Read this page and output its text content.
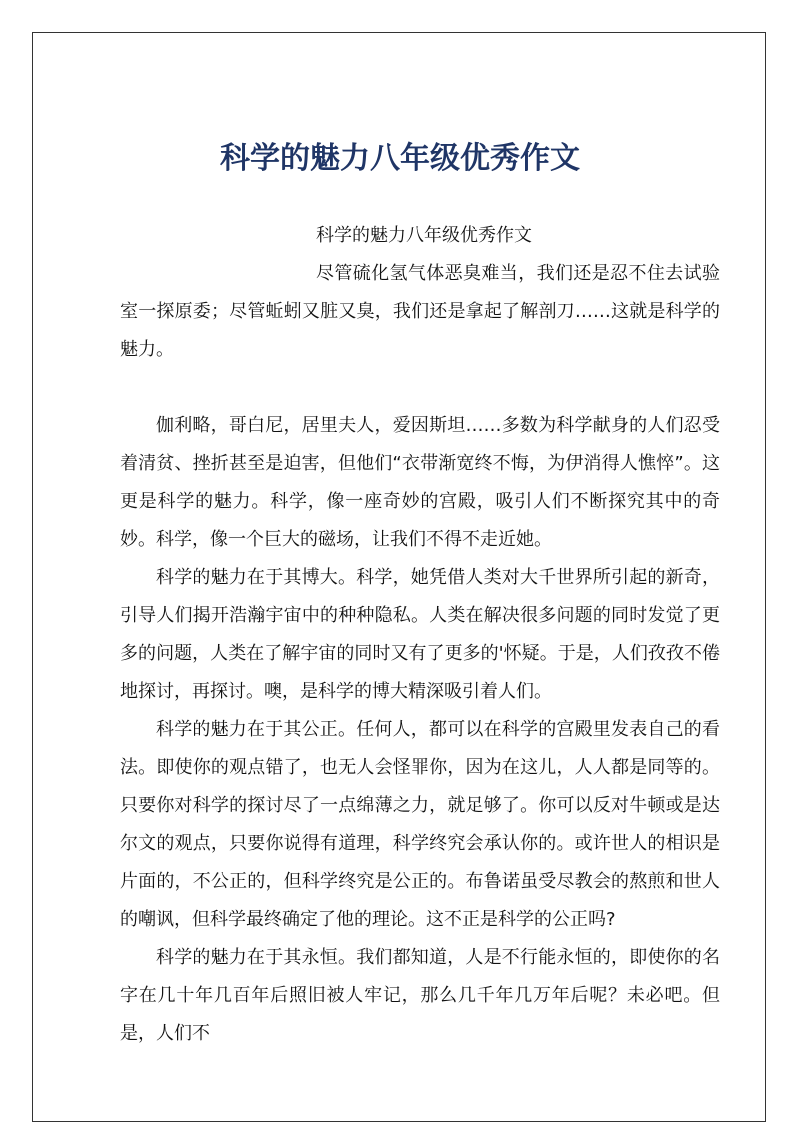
科学的魅力八年级优秀作文

科学的魅力八年级优秀作文

尽管硫化氢气体恶臭难当，我们还是忍不住去试验室一探原委；尽管蚯蚓又脏又臭，我们还是拿起了解剖刀……这就是科学的魅力。

伽利略，哥白尼，居里夫人，爱因斯坦……多数为科学献身的人们忍受着清贫、挫折甚至是迫害，但他们“衣带渐宽终不悔，为伊消得人憔悴”。这更是科学的魅力。科学，像一座奇妙的宫殿，吸引人们不断探究其中的奇妙。科学，像一个巨大的磁场，让我们不得不走近她。

科学的魅力在于其博大。科学，她凭借人类对大千世界所引起的新奇，引导人们揭开浩瀚宇宙中的种种隐私。人类在解决很多问题的同时发觉了更多的问题，人类在了解宇宙的同时又有了更多的'怀疑。于是，人们孜孜不倦地探讨，再探讨。噢，是科学的博大精深吸引着人们。

科学的魅力在于其公正。任何人，都可以在科学的宫殿里发表自己的看法。即使你的观点错了，也无人会怪罪你，因为在这儿，人人都是同等的。只要你对科学的探讨尽了一点绵薄之力，就足够了。你可以反对牛顿或是达尔文的观点，只要你说得有道理，科学终究会承认你的。或许世人的相识是片面的，不公正的，但科学终究是公正的。布鲁诺虽受尽教会的熬煎和世人的嘲讽，但科学最终确定了他的理论。这不正是科学的公正吗?

科学的魅力在于其永恒。我们都知道，人是不行能永恒的，即使你的名字在几十年几百年后照旧被人牢记，那么几千年几万年后呢？未必吧。但是，人们不
